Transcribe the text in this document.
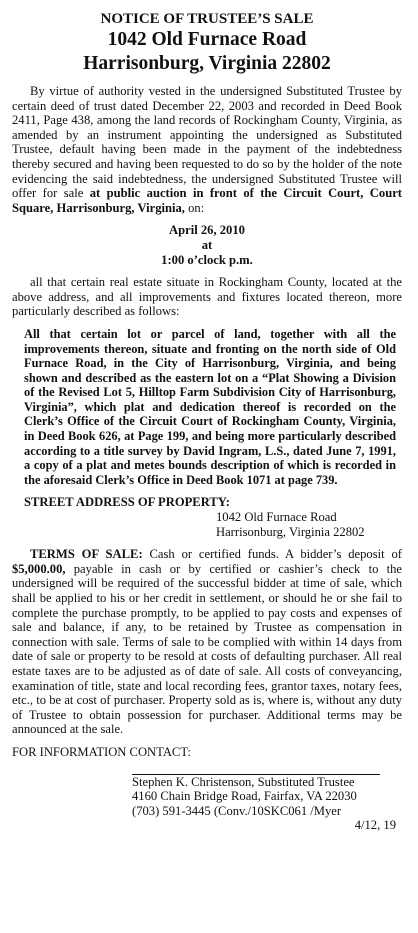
NOTICE OF TRUSTEE’S SALE
1042 Old Furnace Road
Harrisonburg, Virginia 22802

By virtue of authority vested in the undersigned Substituted Trustee by certain deed of trust dated December 22, 2003 and recorded in Deed Book 2411, Page 438, among the land records of Rockingham County, Virginia, as amended by an instrument appointing the undersigned as Substituted Trustee, default having been made in the payment of the indebtedness thereby secured and having been requested to do so by the holder of the note evidencing the said indebtedness, the undersigned Substituted Trustee will offer for sale at public auction in front of the Circuit Court, Court Square, Harrisonburg, Virginia, on:

April 26, 2010
at
1:00 o’clock p.m.

all that certain real estate situate in Rockingham County, located at the above address, and all improvements and fixtures located thereon, more particularly described as follows:

All that certain lot or parcel of land, together with all the improvements thereon, situate and fronting on the north side of Old Furnace Road, in the City of Harrisonburg, Virginia, and being shown and described as the eastern lot on a “Plat Showing a Division of the Revised Lot 5, Hilltop Farm Subdivision City of Harrisonburg, Virginia”, which plat and dedication thereof is recorded on the Clerk’s Office of the Circuit Court of Rockingham County, Virginia, in Deed Book 626, at Page 199, and being more particularly described according to a title survey by David Ingram, L.S., dated June 7, 1991, a copy of a plat and metes bounds description of which is recorded in the aforesaid Clerk’s Office in Deed Book 1071 at page 739.

STREET ADDRESS OF PROPERTY:
1042 Old Furnace Road
Harrisonburg, Virginia 22802

TERMS OF SALE: Cash or certified funds. A bidder’s deposit of $5,000.00, payable in cash or by certified or cashier’s check to the undersigned will be required of the successful bidder at time of sale, which shall be applied to his or her credit in settlement, or should he or she fail to complete the purchase promptly, to be applied to pay costs and expenses of sale and balance, if any, to be retained by Trustee as compensation in connection with sale. Terms of sale to be complied with within 14 days from date of sale or property to be resold at costs of defaulting purchaser. All real estate taxes are to be adjusted as of date of sale. All costs of conveyancing, examination of title, state and local recording fees, grantor taxes, notary fees, etc., to be at cost of purchaser. Property sold as is, where is, without any duty of Trustee to obtain possession for purchaser. Additional terms may be announced at the sale.

FOR INFORMATION CONTACT:
Stephen K. Christenson, Substituted Trustee
4160 Chain Bridge Road, Fairfax, VA 22030
(703) 591-3445 (Conv./10SKC061 /Myer
4/12, 19
